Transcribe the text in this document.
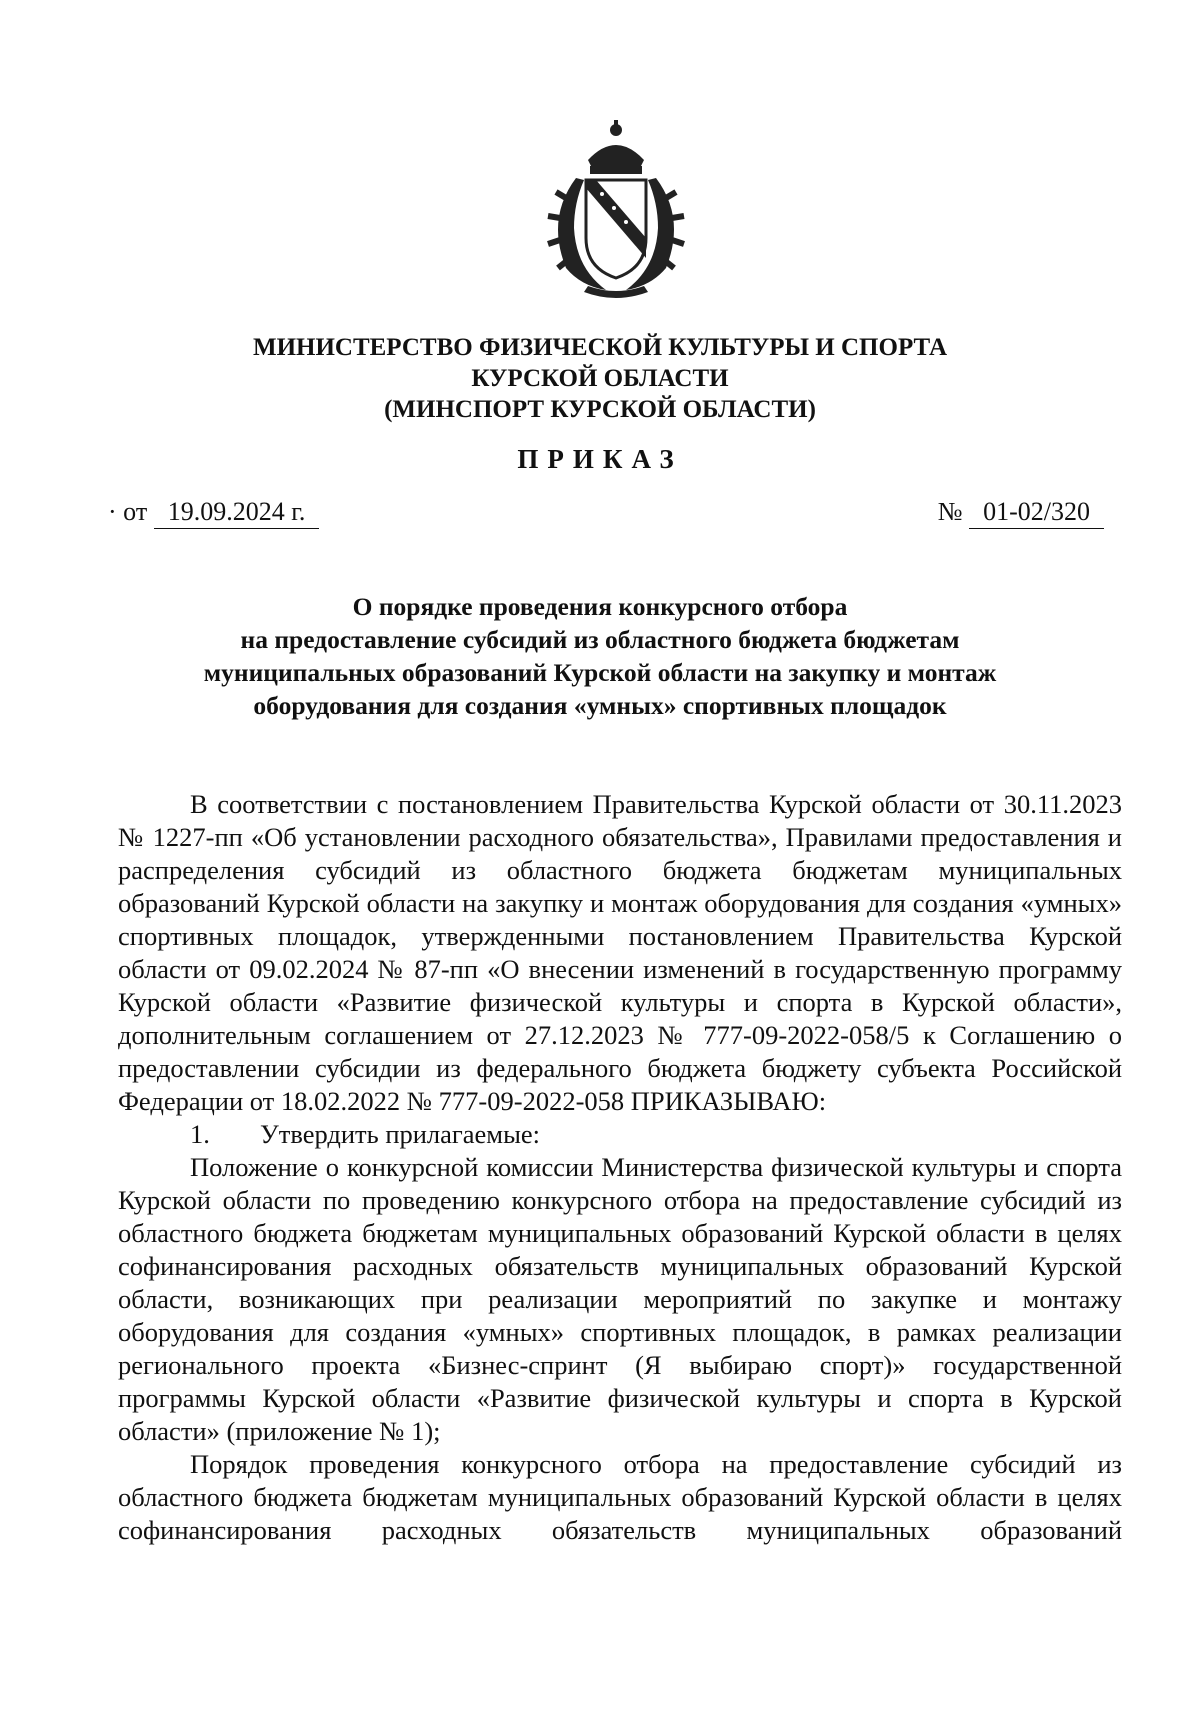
МИНИСТЕРСТВО ФИЗИЧЕСКОЙ КУЛЬТУРЫ И СПОРТА
КУРСКОЙ ОБЛАСТИ
(МИНСПОРТ КУРСКОЙ ОБЛАСТИ)
ПРИКАЗ
· от 19.09.2024 г.	№ 01-02/320
О порядке проведения конкурсного отбора
на предоставление субсидий из областного бюджета бюджетам
муниципальных образований Курской области на закупку и монтаж
оборудования для создания «умных» спортивных площадок

В соответствии с постановлением Правительства Курской области от 30.11.2023 № 1227-пп «Об установлении расходного обязательства», Правилами предоставления и распределения субсидий из областного бюджета бюджетам муниципальных образований Курской области на закупку и монтаж оборудования для создания «умных» спортивных площадок, утвержденными постановлением Правительства Курской области от 09.02.2024 № 87-пп «О внесении изменений в государственную программу Курской области «Развитие физической культуры и спорта в Курской области», дополнительным соглашением от 27.12.2023 № 777-09-2022-058/5 к Соглашению о предоставлении субсидии из федерального бюджета бюджету субъекта Российской Федерации от 18.02.2022 № 777-09-2022-058 ПРИКАЗЫВАЮ:

1. Утвердить прилагаемые:

Положение о конкурсной комиссии Министерства физической культуры и спорта Курской области по проведению конкурсного отбора на предоставление субсидий из областного бюджета бюджетам муниципальных образований Курской области в целях софинансирования расходных обязательств муниципальных образований Курской области, возникающих при реализации мероприятий по закупке и монтажу оборудования для создания «умных» спортивных площадок, в рамках реализации регионального проекта «Бизнес-спринт (Я выбираю спорт)» государственной программы Курской области «Развитие физической культуры и спорта в Курской области» (приложение № 1);

Порядок проведения конкурсного отбора на предоставление субсидий из областного бюджета бюджетам муниципальных образований Курской области в целях софинансирования расходных обязательств муниципальных образований
